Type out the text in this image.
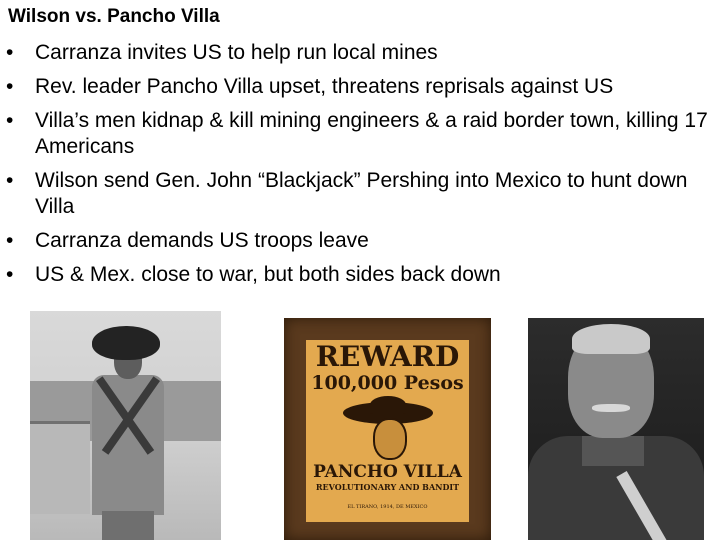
Wilson vs. Pancho Villa
• Carranza invites US to help run local mines
• Rev. leader Pancho Villa upset, threatens reprisals against US
• Villa’s men kidnap & kill mining engineers & a raid border town, killing 17 Americans
• Wilson send Gen. John “Blackjack” Pershing into Mexico to hunt down Villa
• Carranza demands US troops leave
• US & Mex. close to war, but both sides back down
REWARD
100,000 Pesos
PANCHO VILLA
REVOLUTIONARY AND BANDIT
EL TIRANO, 1914, DE MEXICO
